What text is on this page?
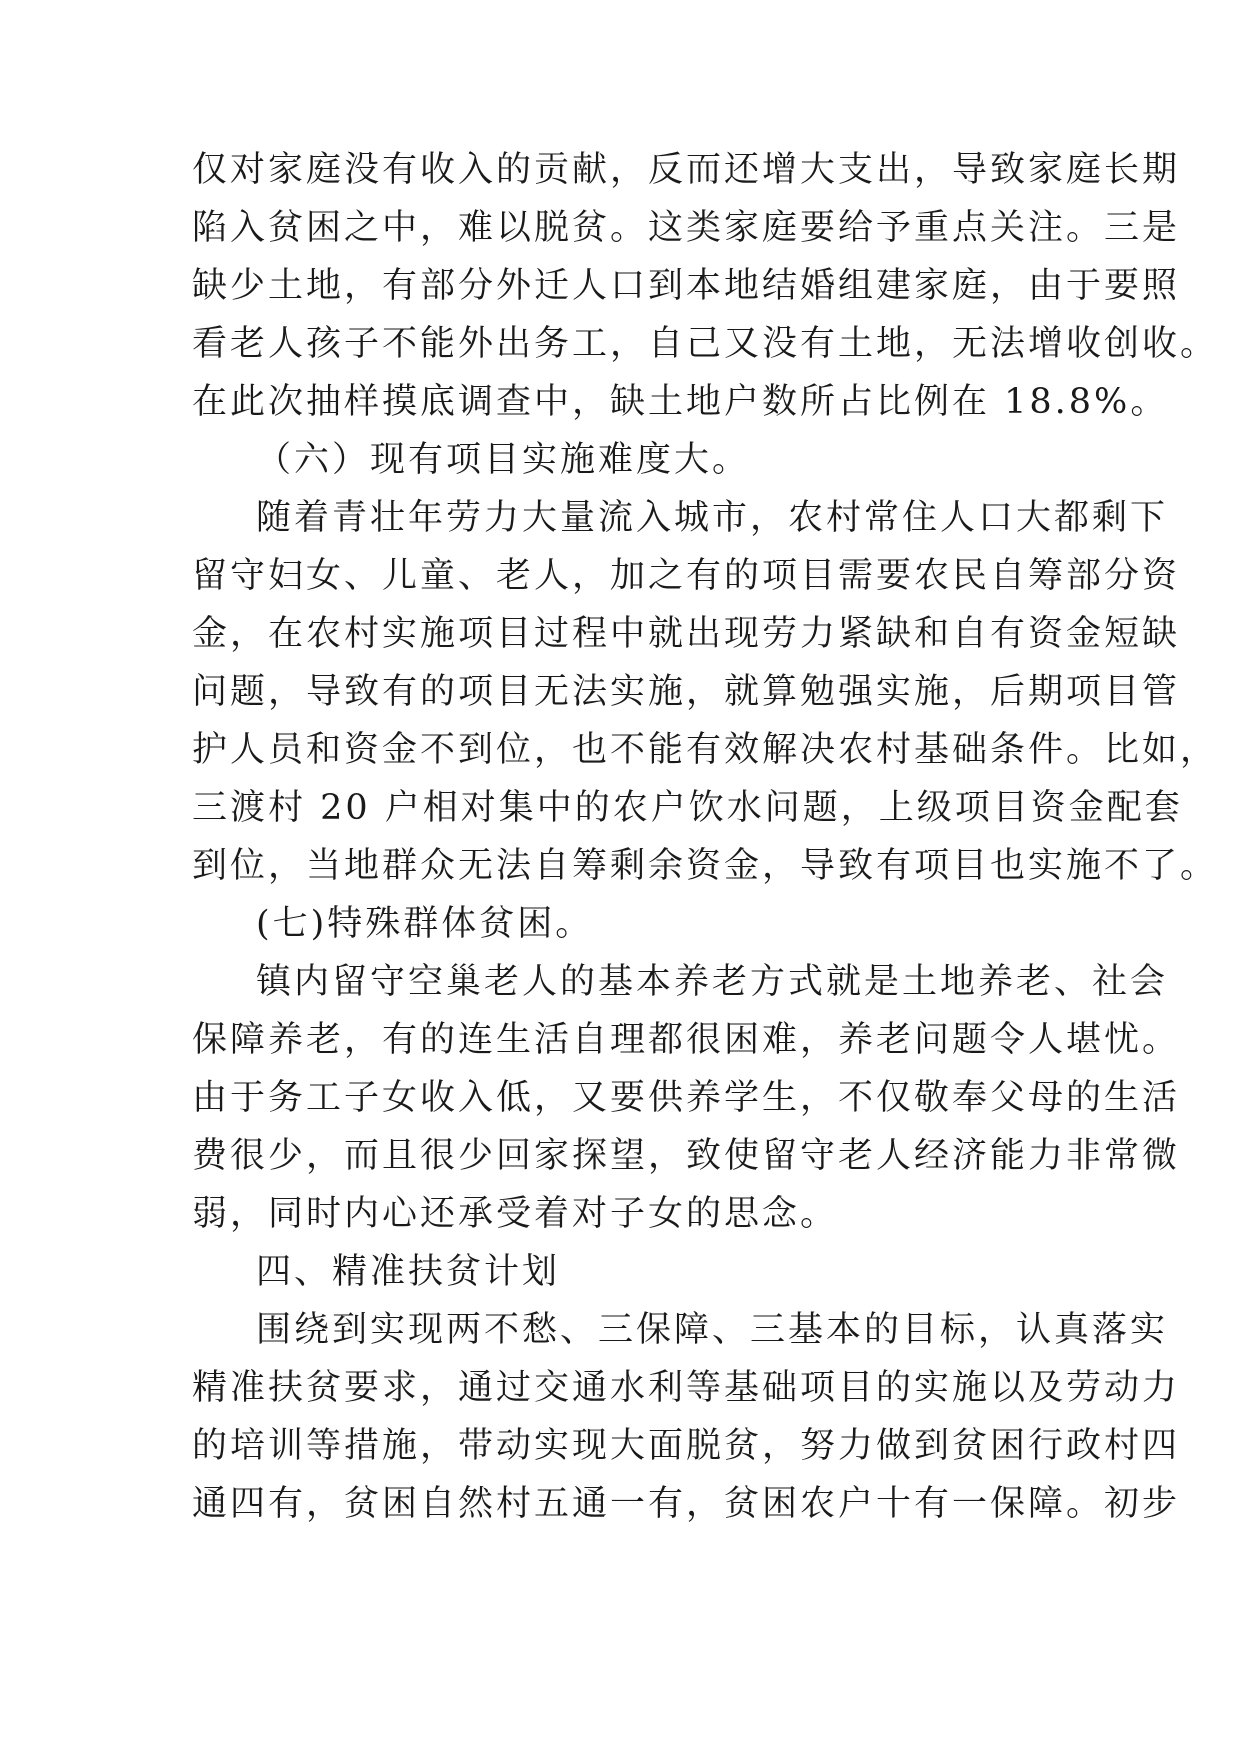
仅对家庭没有收入的贡献，反而还增大支出，导致家庭长期
陷入贫困之中，难以脱贫。这类家庭要给予重点关注。三是
缺少土地，有部分外迁人口到本地结婚组建家庭，由于要照
看老人孩子不能外出务工，自己又没有土地，无法增收创收。
在此次抽样摸底调查中，缺土地户数所占比例在 18.8%。
（六）现有项目实施难度大。
随着青壮年劳力大量流入城市，农村常住人口大都剩下
留守妇女、儿童、老人，加之有的项目需要农民自筹部分资
金，在农村实施项目过程中就出现劳力紧缺和自有资金短缺
问题，导致有的项目无法实施，就算勉强实施，后期项目管
护人员和资金不到位，也不能有效解决农村基础条件。比如，
三渡村 20 户相对集中的农户饮水问题，上级项目资金配套
到位，当地群众无法自筹剩余资金，导致有项目也实施不了。
(七)特殊群体贫困。
镇内留守空巢老人的基本养老方式就是土地养老、社会
保障养老，有的连生活自理都很困难，养老问题令人堪忧。
由于务工子女收入低，又要供养学生，不仅敬奉父母的生活
费很少，而且很少回家探望，致使留守老人经济能力非常微
弱，同时内心还承受着对子女的思念。
四、精准扶贫计划
围绕到实现两不愁、三保障、三基本的目标，认真落实
精准扶贫要求，通过交通水利等基础项目的实施以及劳动力
的培训等措施，带动实现大面脱贫，努力做到贫困行政村四
通四有，贫困自然村五通一有，贫困农户十有一保障。初步
